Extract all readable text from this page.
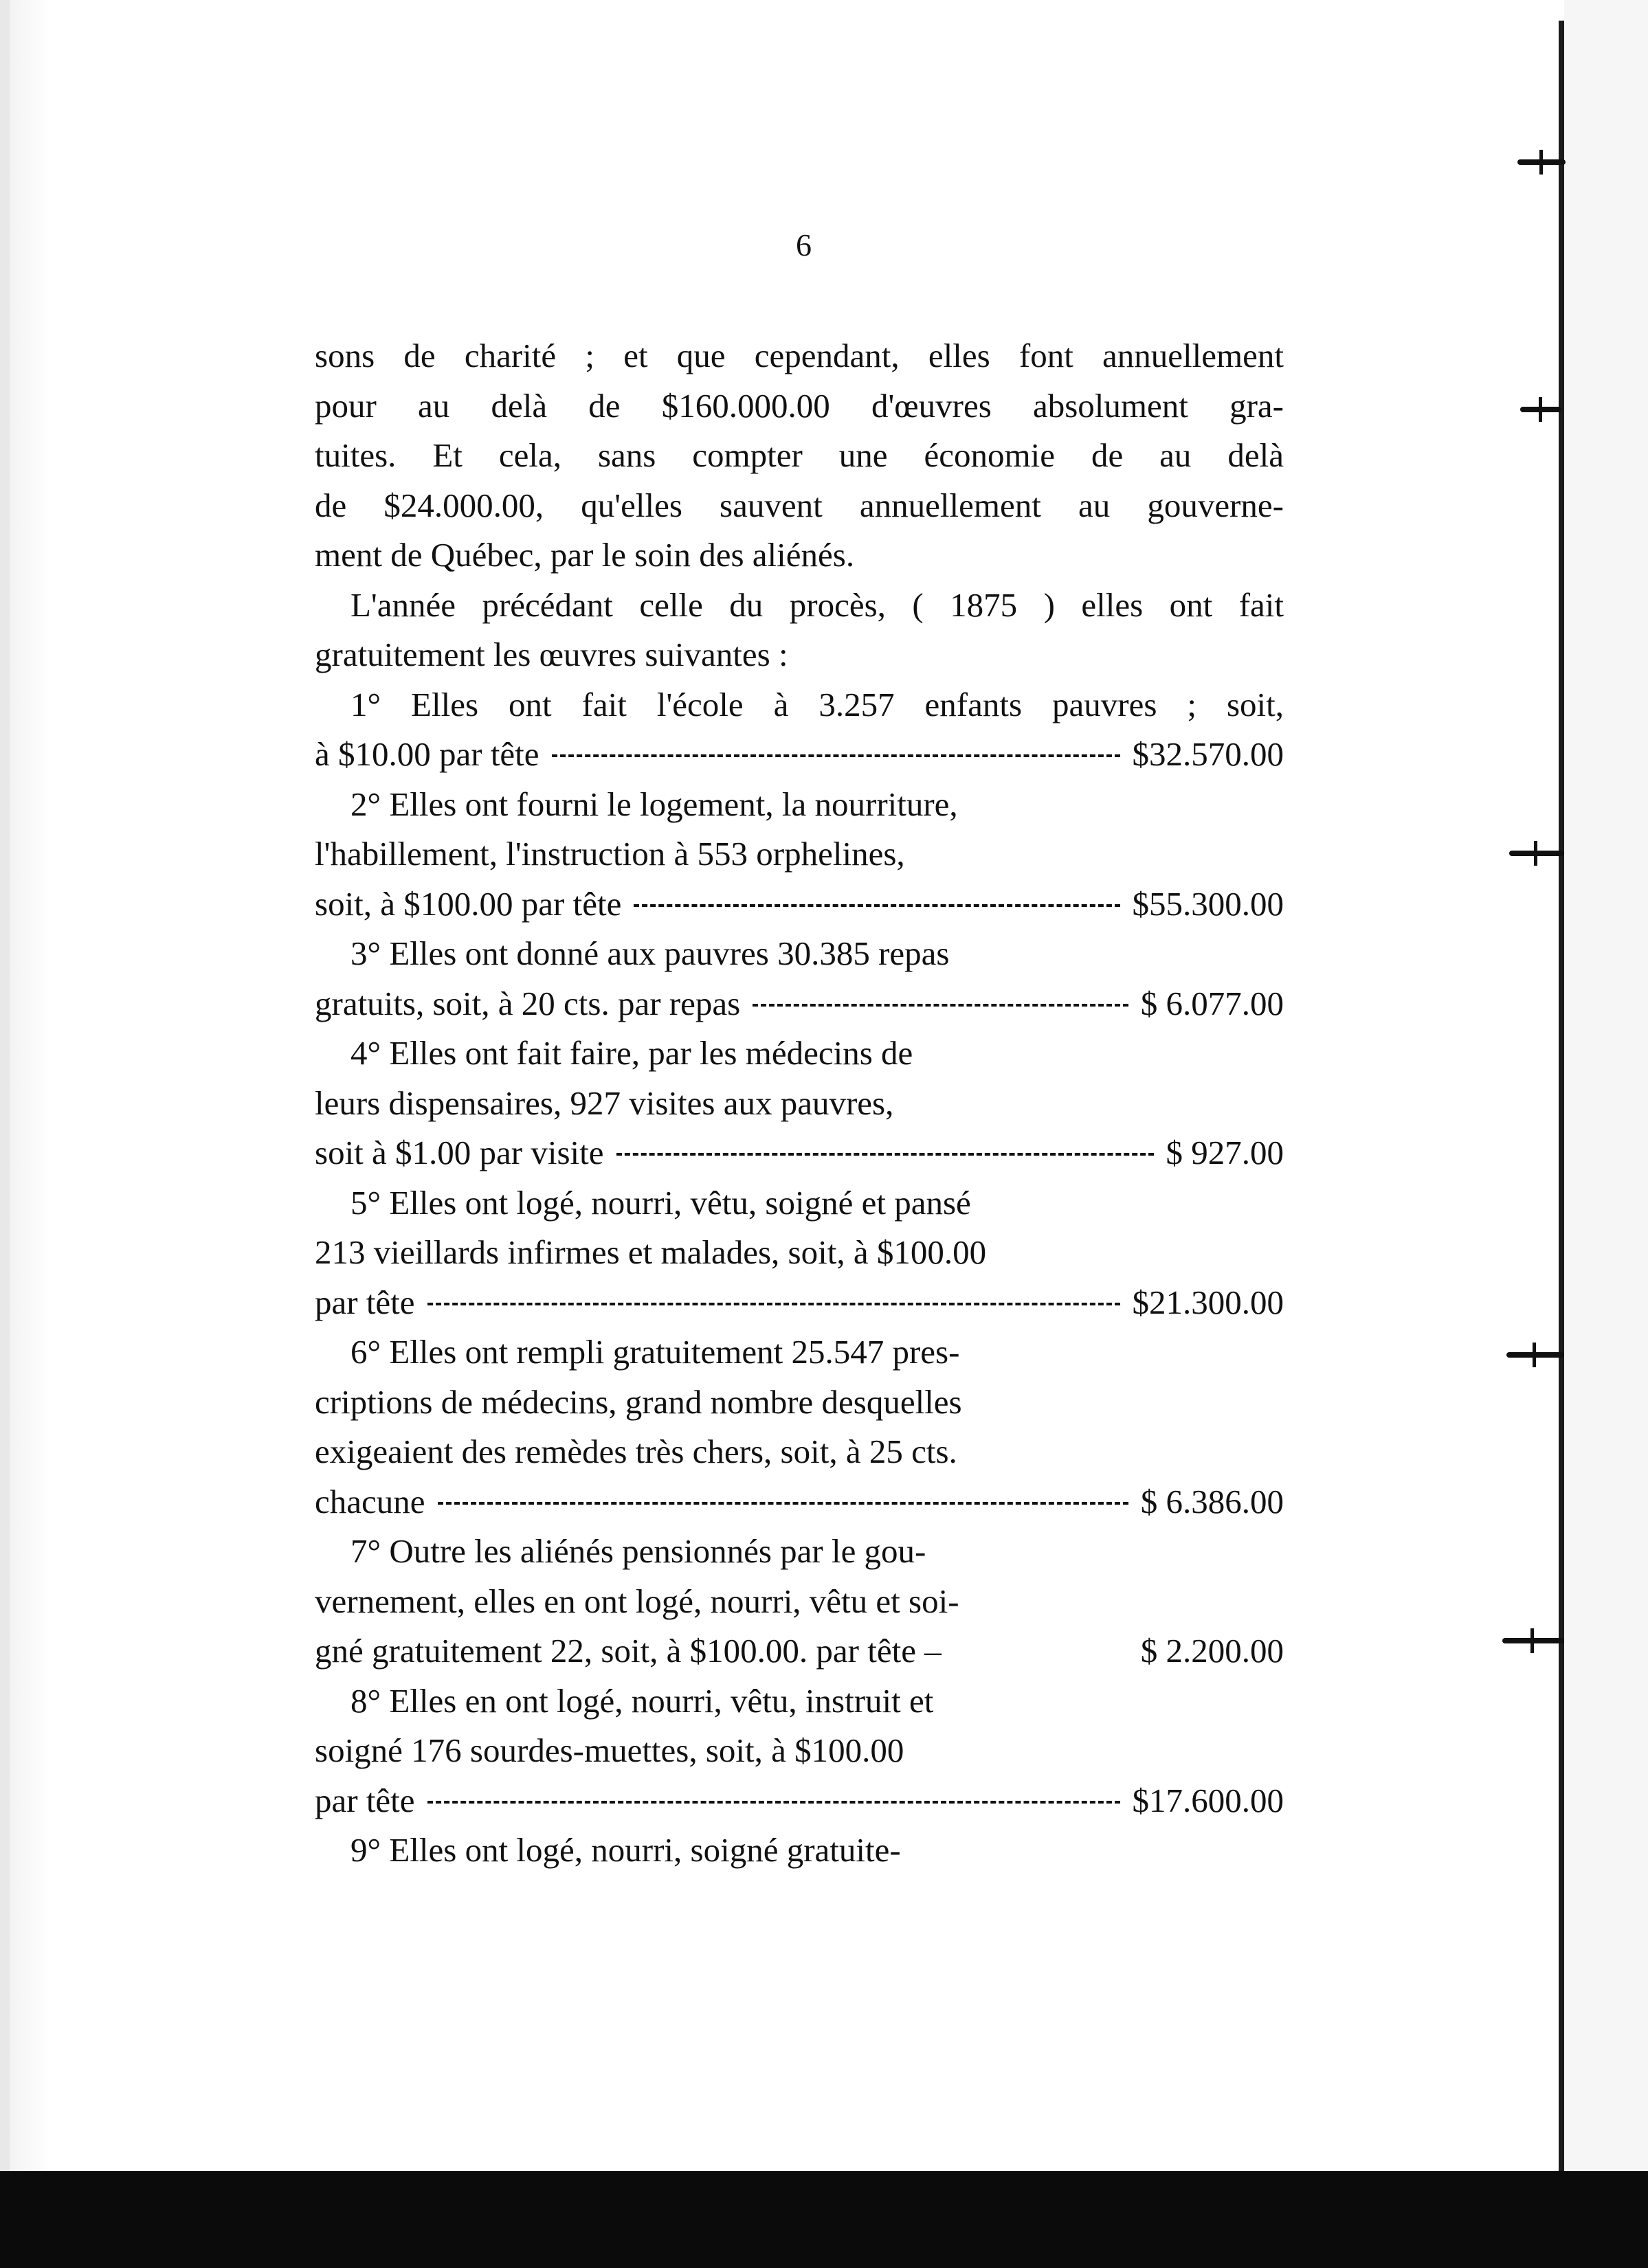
6
sons de charité ; et que cependant, elles font annuellement
pour au delà de $160.000.00 d'œuvres absolument gra-
tuites. Et cela, sans compter une économie de au delà
de $24.000.00, qu'elles sauvent annuellement au gouverne-
ment de Québec, par le soin des aliénés.
L'année précédant celle du procès, ( 1875 ) elles ont fait
gratuitement les œuvres suivantes :
1° Elles ont fait l'école à 3.257 enfants pauvres ; soit,
à $10.00 par tête	$32.570.00
2° Elles ont fourni le logement, la nourriture,
l'habillement, l'instruction à 553 orphelines,
soit, à $100.00 par tête	$55.300.00
3° Elles ont donné aux pauvres 30.385 repas
gratuits, soit, à 20 cts. par repas	$ 6.077.00
4° Elles ont fait faire, par les médecins de
leurs dispensaires, 927 visites aux pauvres,
soit à $1.00 par visite	$ 927.00
5° Elles ont logé, nourri, vêtu, soigné et pansé
213 vieillards infirmes et malades, soit, à $100.00
par tête	$21.300.00
6° Elles ont rempli gratuitement 25.547 pres-
criptions de médecins, grand nombre desquelles
exigeaient des remèdes très chers, soit, à 25 cts.
chacune	$ 6.386.00
7° Outre les aliénés pensionnés par le gou-
vernement, elles en ont logé, nourri, vêtu et soi-
gné gratuitement 22, soit, à $100.00. par tête –	$ 2.200.00
8° Elles en ont logé, nourri, vêtu, instruit et
soigné 176 sourdes-muettes, soit, à $100.00
par tête	$17.600.00
9° Elles ont logé, nourri, soigné gratuite-
